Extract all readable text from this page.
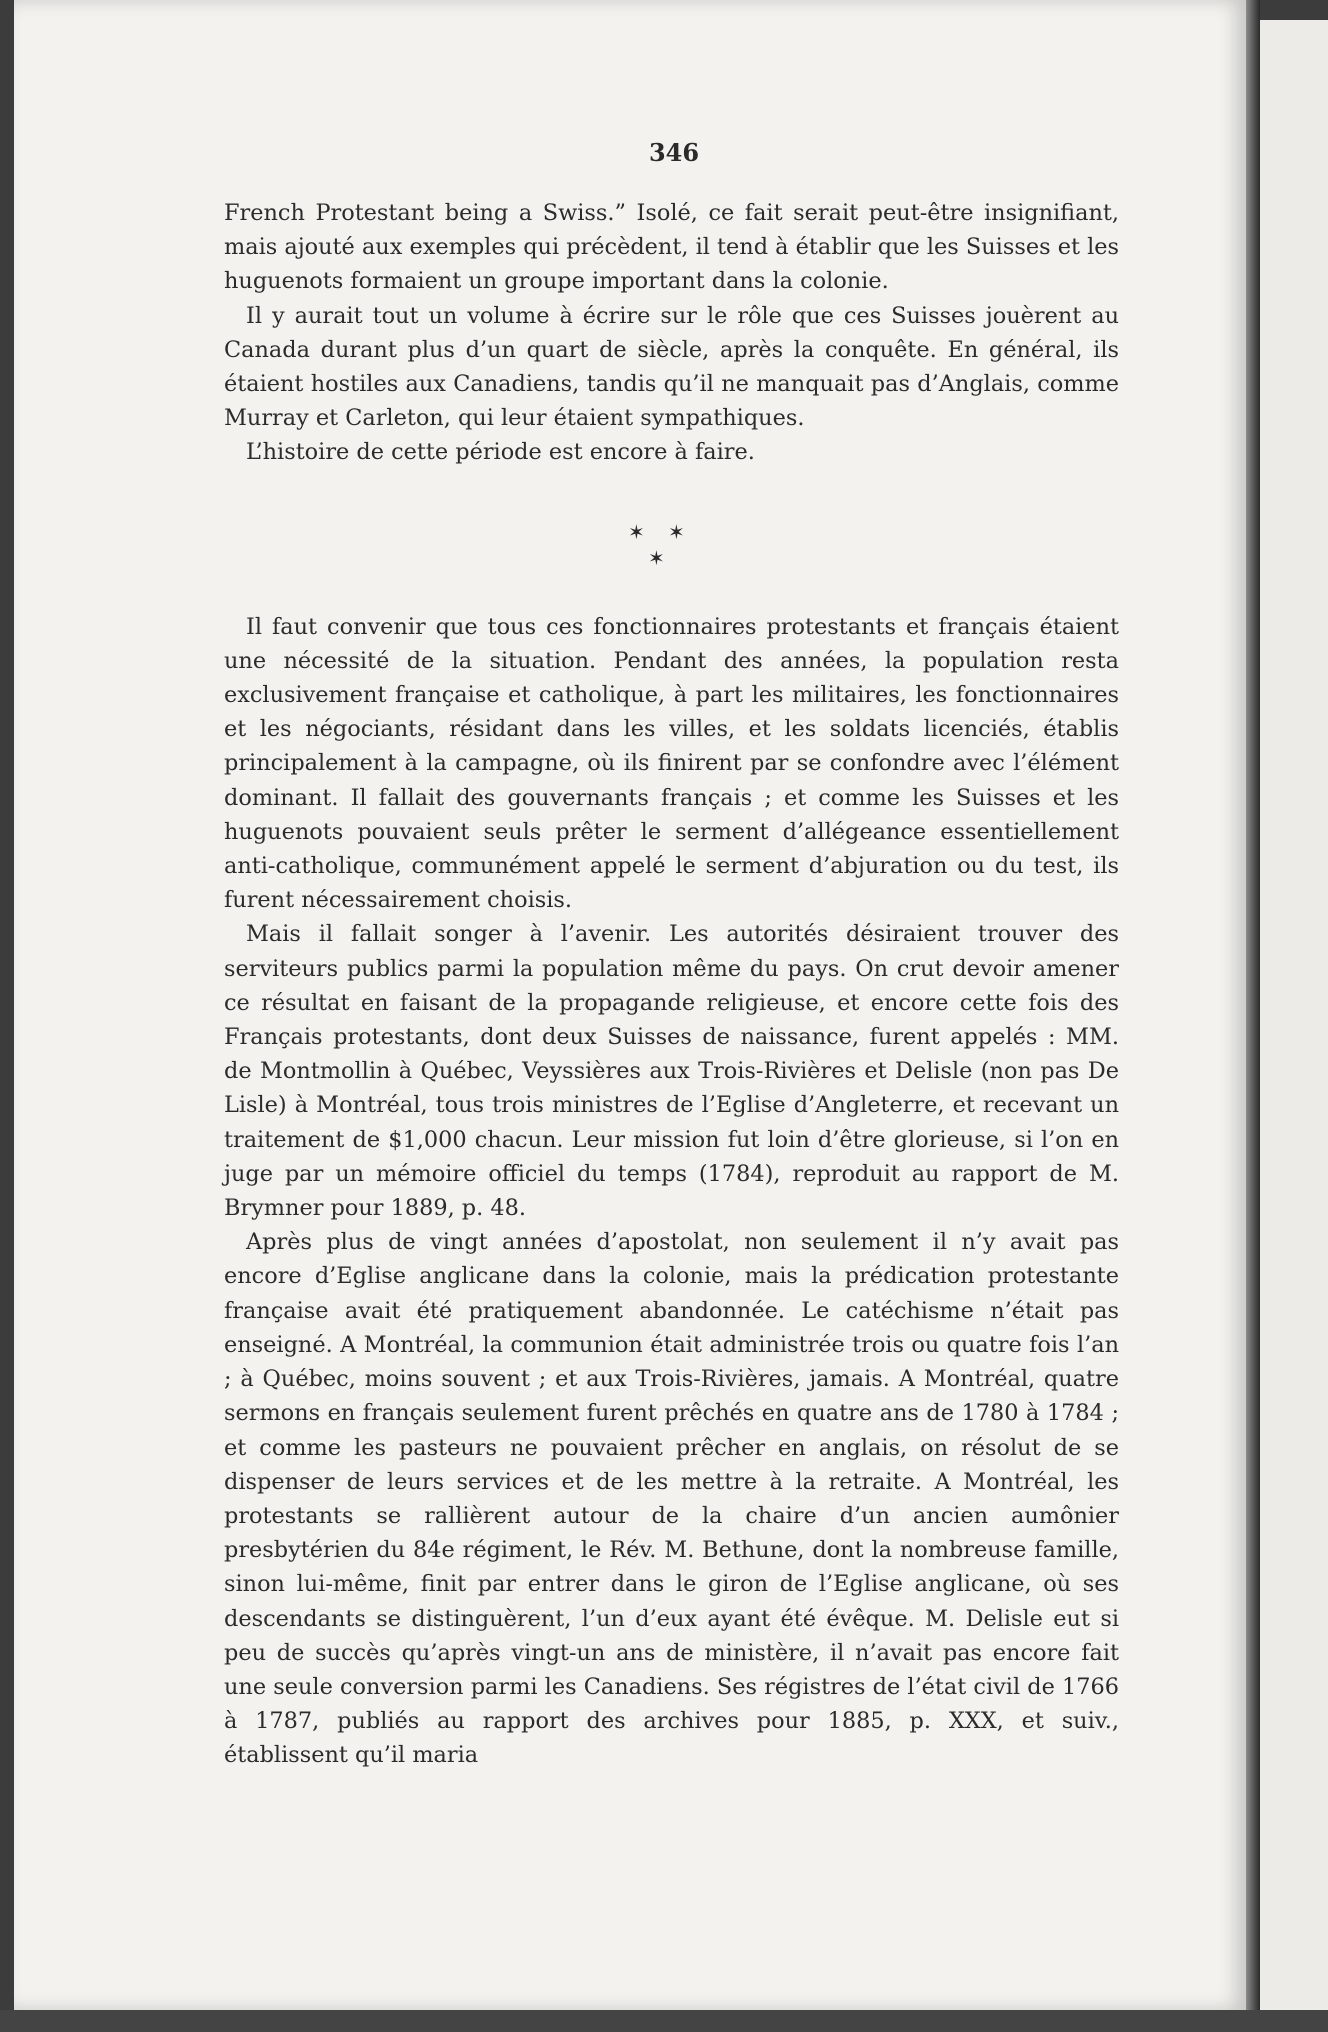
346

French Protestant being a Swiss.” Isolé, ce fait serait peut-être insignifiant, mais ajouté aux exemples qui précèdent, il tend à établir que les Suisses et les huguenots formaient un groupe important dans la colonie.

Il y aurait tout un volume à écrire sur le rôle que ces Suisses jouèrent au Canada durant plus d’un quart de siècle, après la conquête. En général, ils étaient hostiles aux Canadiens, tandis qu’il ne manquait pas d’Anglais, comme Murray et Carleton, qui leur étaient sympathiques.

L’histoire de cette période est encore à faire.

✶ ✶
✶

Il faut convenir que tous ces fonctionnaires protestants et français étaient une nécessité de la situation. Pendant des années, la population resta exclusivement française et catholique, à part les militaires, les fonctionnaires et les négociants, résidant dans les villes, et les soldats licenciés, établis principalement à la campagne, où ils finirent par se confondre avec l’élément dominant. Il fallait des gouvernants français ; et comme les Suisses et les huguenots pouvaient seuls prêter le serment d’allégeance essentiellement anti-catholique, communément appelé le serment d’abjuration ou du test, ils furent nécessairement choisis.

Mais il fallait songer à l’avenir. Les autorités désiraient trouver des serviteurs publics parmi la population même du pays. On crut devoir amener ce résultat en faisant de la propagande religieuse, et encore cette fois des Français protestants, dont deux Suisses de naissance, furent appelés : MM. de Montmollin à Québec, Veyssières aux Trois-Rivières et Delisle (non pas De Lisle) à Montréal, tous trois ministres de l’Eglise d’Angleterre, et recevant un traitement de $1,000 chacun. Leur mission fut loin d’être glorieuse, si l’on en juge par un mémoire officiel du temps (1784), reproduit au rapport de M. Brymner pour 1889, p. 48.

Après plus de vingt années d’apostolat, non seulement il n’y avait pas encore d’Eglise anglicane dans la colonie, mais la prédication protestante française avait été pratiquement abandonnée. Le catéchisme n’était pas enseigné. A Montréal, la communion était administrée trois ou quatre fois l’an ; à Québec, moins souvent ; et aux Trois-Rivières, jamais. A Montréal, quatre sermons en français seulement furent prêchés en quatre ans de 1780 à 1784 ; et comme les pasteurs ne pouvaient prêcher en anglais, on résolut de se dispenser de leurs services et de les mettre à la retraite. A Montréal, les protestants se rallièrent autour de la chaire d’un ancien aumônier presbytérien du 84e régiment, le Rév. M. Bethune, dont la nombreuse famille, sinon lui-même, finit par entrer dans le giron de l’Eglise anglicane, où ses descendants se distinguèrent, l’un d’eux ayant été évêque. M. Delisle eut si peu de succès qu’après vingt-un ans de ministère, il n’avait pas encore fait une seule conversion parmi les Canadiens. Ses régistres de l’état civil de 1766 à 1787, publiés au rapport des archives pour 1885, p. XXX, et suiv., établissent qu’il maria
